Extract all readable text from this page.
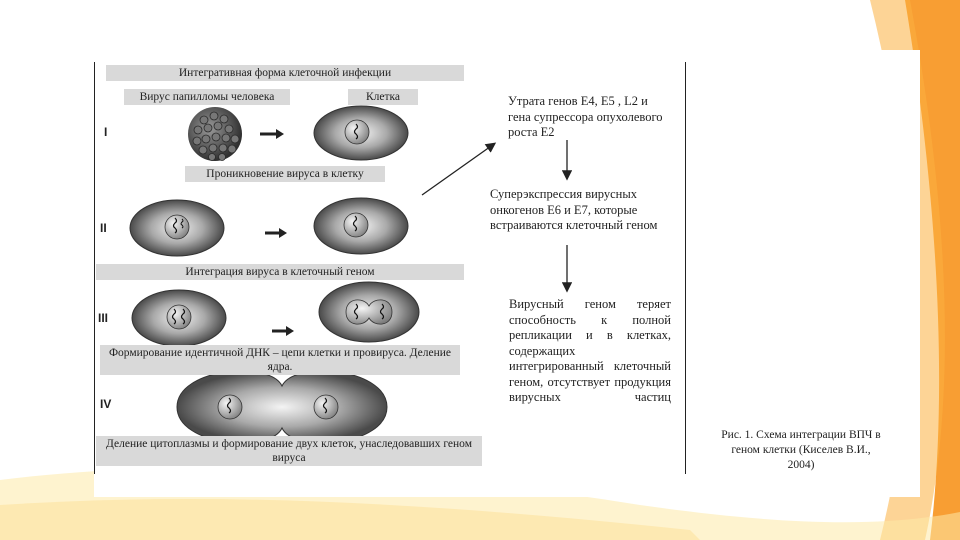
Интегративная форма клеточной инфекции
Вирус папилломы человека	Клетка
Проникновение вируса в клетку
Интеграция вируса в клеточный геном
Формирование идентичной ДНК – цепи клетки и провируса. Деление ядра.
Деление цитоплазмы и формирование двух клеток, унаследовавших геном вируса
I
II
III
IV
Утрата генов Е4, Е5 , L2 и гена супрессора опухолевого роста Е2
Суперэкспрессия вирусных онкогенов Е6 и Е7, которые встраиваются клеточный геном
Вирусный геном теряет способность к полной репликации и в клетках, содержащих интегрированный клеточный геном, отсутствует продукция вирусных частиц
Рис. 1. Схема интеграции ВПЧ в геном клетки (Киселев В.И., 2004)
